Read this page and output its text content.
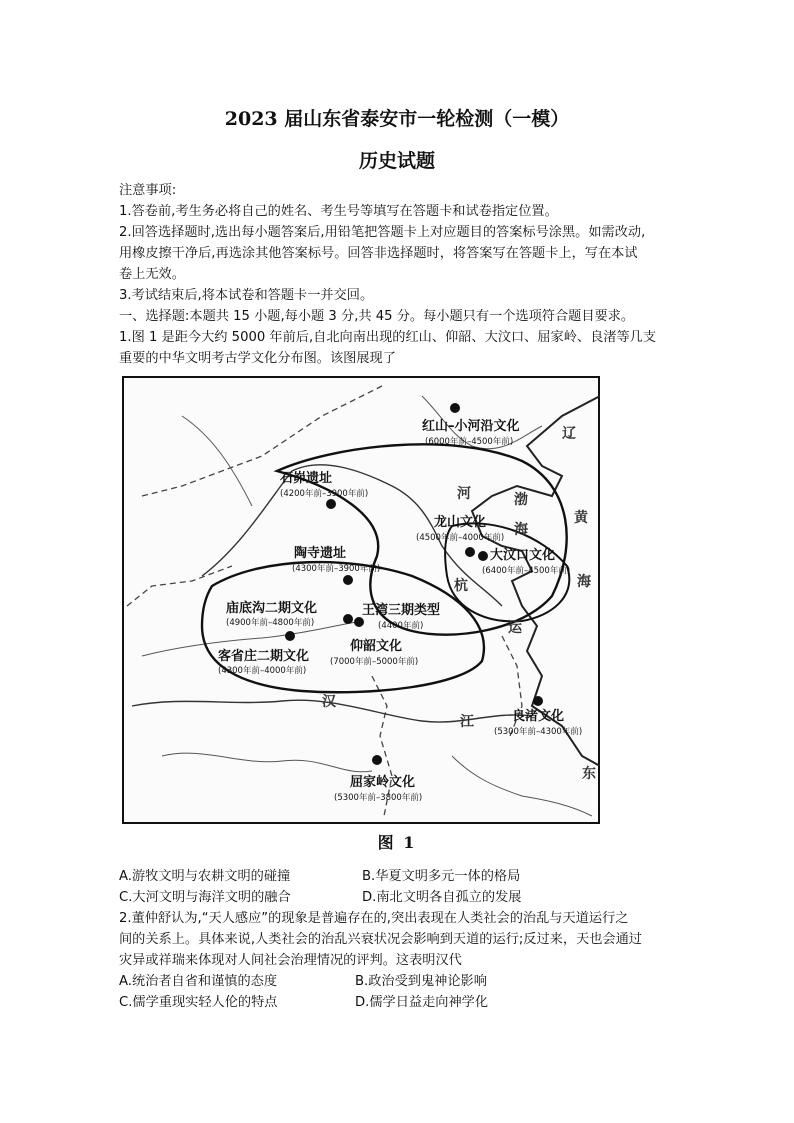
2023 届山东省泰安市一轮检测（一模）
历史试题
注意事项:
1.答卷前,考生务必将自己的姓名、考生号等填写在答题卡和试卷指定位置。
2.回答选择题时,选出每小题答案后,用铅笔把答题卡上对应题目的答案标号涂黑。如需改动,
用橡皮擦干净后,再选涂其他答案标号。回答非选择题时，将答案写在答题卡上，写在本试
卷上无效。
3.考试结束后,将本试卷和答题卡一并交回。
一、选择题:本题共 15 小题,每小题 3 分,共 45 分。每小题只有一个选项符合题目要求。
1.图 1 是距今大约 5000 年前后,自北向南出现的红山、仰韶、大汶口、屈家岭、良渚等几支
重要的中华文明考古学文化分布图。该图展现了
红山–小河沿文化
石峁遗址
龙山文化
大汶口文化
陶寺遗址
庙底沟二期文化	王湾三期类型
仰韶文化
客省庄二期文化
良渚文化
屈家岭文化
(6000年前–4500年前)
(4200年前–3900年前)
(4500年前–4000年前)
(6400年前–4500年前)
(4300年前–3900年前)
(4900年前–4800年前)	(4400年前)
(7000年前–5000年前)
(4300年前–4000年前)
(5300年前–4300年前)
(5300年前–3800年前)
渤
海
黄
海
东
河
杭
运
汉
江
辽
图 1
A.游牧文明与农耕文明的碰撞	B.华夏文明多元一体的格局
C.大河文明与海洋文明的融合	D.南北文明各自孤立的发展
2.董仲舒认为,“天人感应”的现象是普遍存在的,突出表现在人类社会的治乱与天道运行之
间的关系上。具体来说,人类社会的治乱兴衰状况会影响到天道的运行;反过来，天也会通过
灾异或祥瑞来体现对人间社会治理情况的评判。这表明汉代
A.统治者自省和谨慎的态度	B.政治受到鬼神论影响
C.儒学重现实轻人伦的特点	D.儒学日益走向神学化
